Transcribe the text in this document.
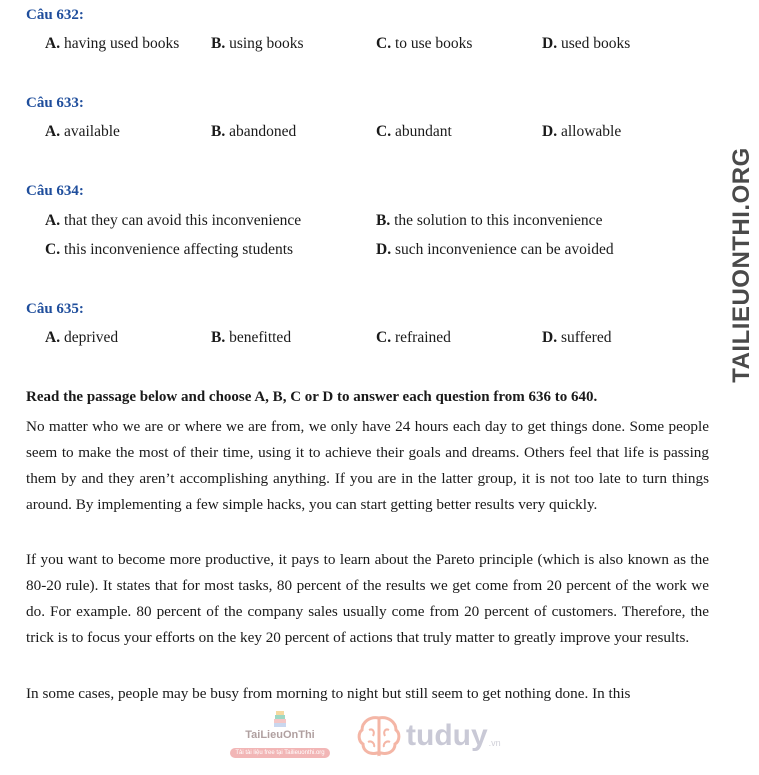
Câu 632:
A. having used books B. using books	C. to use books	D. used books
Câu 633:
A. available	B. abandoned	C. abundant	D. allowable
Câu 634:
A. that they can avoid this inconvenience	B. the solution to this inconvenience
C. this inconvenience affecting students	D. such inconvenience can be avoided
Câu 635:
A. deprived	B. benefitted	C. refrained	D. suffered
Read the passage below and choose A, B, C or D to answer each question from 636 to 640.

No matter who we are or where we are from, we only have 24 hours each day to get things done. Some people seem to make the most of their time, using it to achieve their goals and dreams. Others feel that life is passing them by and they aren’t accomplishing anything. If you are in the latter group, it is not too late to turn things around. By implementing a few simple hacks, you can start getting better results very quickly.

If you want to become more productive, it pays to learn about the Pareto principle (which is also known as the 80-20 rule). It states that for most tasks, 80 percent of the results we get come from 20 percent of the work we do. For example. 80 percent of the company sales usually come from 20 percent of customers. Therefore, the trick is to focus your efforts on the key 20 percent of actions that truly matter to greatly improve your results.

In some cases, people may be busy from morning to night but still seem to get nothing done. In this

TAILIEUONTHI.ORG
TaiLieuOnThi
Tải tài liệu free tại Tailieuonthi.org
tuduy .vn
